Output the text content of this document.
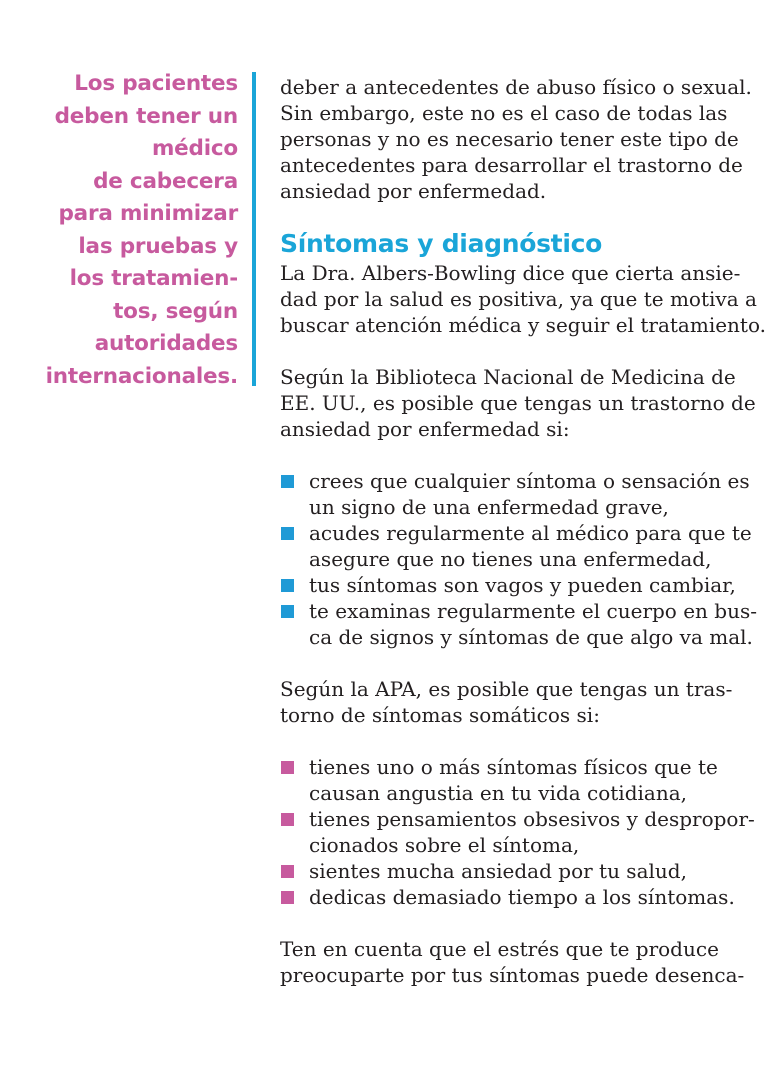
Los pacientes
deben tener un
médico
de cabecera
para minimizar
las pruebas y
los tratamien-
tos, según
autoridades
internacionales.

deber a antecedentes de abuso físico o sexual.
Sin embargo, este no es el caso de todas las
personas y no es necesario tener este tipo de
antecedentes para desarrollar el trastorno de
ansiedad por enfermedad.

Síntomas y diagnóstico

La Dra. Albers-Bowling dice que cierta ansie-
dad por la salud es positiva, ya que te motiva a
buscar atención médica y seguir el tratamiento.

Según la Biblioteca Nacional de Medicina de
EE. UU., es posible que tengas un trastorno de
ansiedad por enfermedad si:

crees que cualquier síntoma o sensación es
un signo de una enfermedad grave,
acudes regularmente al médico para que te
asegure que no tienes una enfermedad,
tus síntomas son vagos y pueden cambiar,
te examinas regularmente el cuerpo en bus-
ca de signos y síntomas de que algo va mal.

Según la APA, es posible que tengas un tras-
torno de síntomas somáticos si:

tienes uno o más síntomas físicos que te
causan angustia en tu vida cotidiana,
tienes pensamientos obsesivos y despropor-
cionados sobre el síntoma,
sientes mucha ansiedad por tu salud,
dedicas demasiado tiempo a los síntomas.

Ten en cuenta que el estrés que te produce
preocuparte por tus síntomas puede desenca-
